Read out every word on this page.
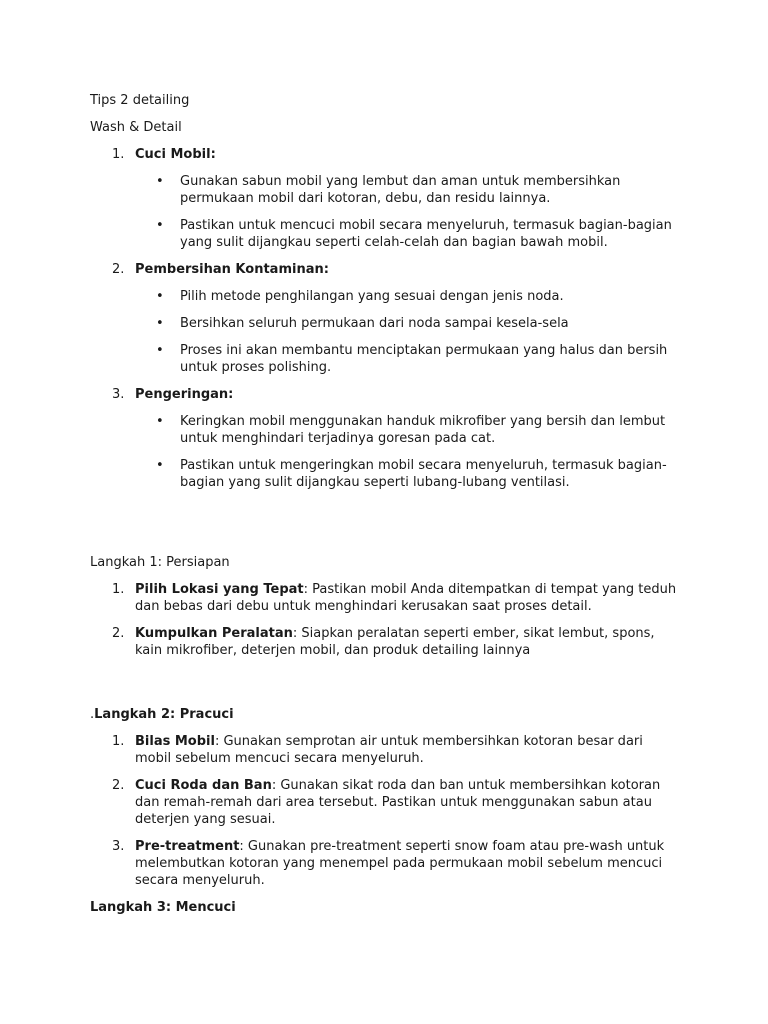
Tips 2 detailing

Wash & Detail

1. Cuci Mobil:
• Gunakan sabun mobil yang lembut dan aman untuk membersihkan permukaan mobil dari kotoran, debu, dan residu lainnya.
• Pastikan untuk mencuci mobil secara menyeluruh, termasuk bagian-bagian yang sulit dijangkau seperti celah-celah dan bagian bawah mobil.
2. Pembersihan Kontaminan:
• Pilih metode penghilangan yang sesuai dengan jenis noda.
• Bersihkan seluruh permukaan dari noda sampai kesela-sela
• Proses ini akan membantu menciptakan permukaan yang halus dan bersih untuk proses polishing.
3. Pengeringan:
• Keringkan mobil menggunakan handuk mikrofiber yang bersih dan lembut untuk menghindari terjadinya goresan pada cat.
• Pastikan untuk mengeringkan mobil secara menyeluruh, termasuk bagian-bagian yang sulit dijangkau seperti lubang-lubang ventilasi.

Langkah 1: Persiapan

1. Pilih Lokasi yang Tepat: Pastikan mobil Anda ditempatkan di tempat yang teduh dan bebas dari debu untuk menghindari kerusakan saat proses detail.
2. Kumpulkan Peralatan: Siapkan peralatan seperti ember, sikat lembut, spons, kain mikrofiber, deterjen mobil, dan produk detailing lainnya

.Langkah 2: Pracuci

1. Bilas Mobil: Gunakan semprotan air untuk membersihkan kotoran besar dari mobil sebelum mencuci secara menyeluruh.
2. Cuci Roda dan Ban: Gunakan sikat roda dan ban untuk membersihkan kotoran dan remah-remah dari area tersebut. Pastikan untuk menggunakan sabun atau deterjen yang sesuai.
3. Pre-treatment: Gunakan pre-treatment seperti snow foam atau pre-wash untuk melembutkan kotoran yang menempel pada permukaan mobil sebelum mencuci secara menyeluruh.

Langkah 3: Mencuci
